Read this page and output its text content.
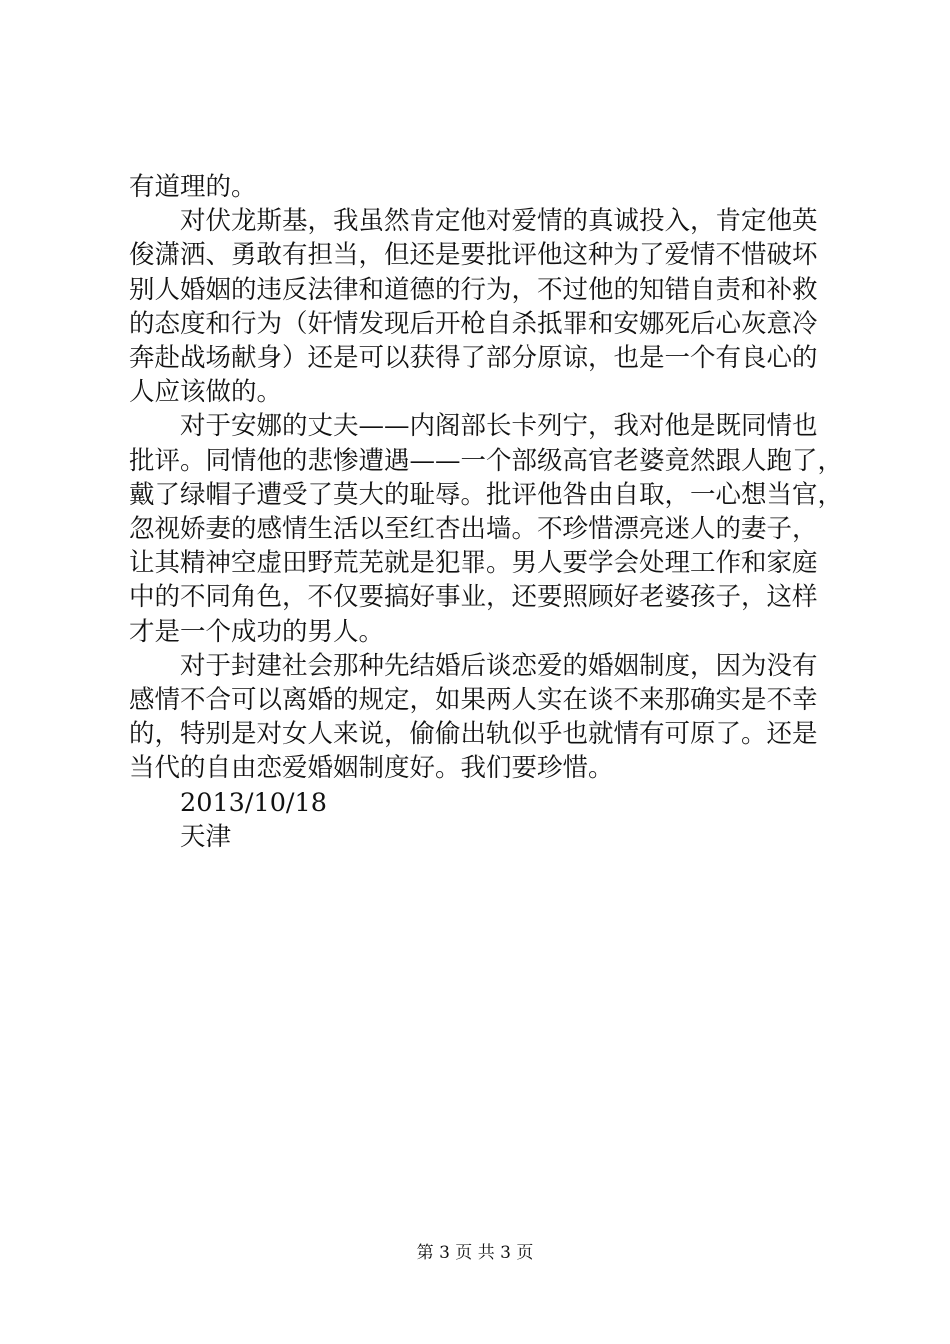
有道理的。
对伏龙斯基，我虽然肯定他对爱情的真诚投入，肯定他英
俊潇洒、勇敢有担当，但还是要批评他这种为了爱情不惜破坏
别人婚姻的违反法律和道德的行为，不过他的知错自责和补救
的态度和行为（奸情发现后开枪自杀抵罪和安娜死后心灰意冷
奔赴战场献身）还是可以获得了部分原谅，也是一个有良心的
人应该做的。
对于安娜的丈夫——内阁部长卡列宁，我对他是既同情也
批评。同情他的悲惨遭遇——一个部级高官老婆竟然跟人跑了，
戴了绿帽子遭受了莫大的耻辱。批评他咎由自取，一心想当官，
忽视娇妻的感情生活以至红杏出墙。不珍惜漂亮迷人的妻子，
让其精神空虚田野荒芜就是犯罪。男人要学会处理工作和家庭
中的不同角色，不仅要搞好事业，还要照顾好老婆孩子，这样
才是一个成功的男人。
对于封建社会那种先结婚后谈恋爱的婚姻制度，因为没有
感情不合可以离婚的规定，如果两人实在谈不来那确实是不幸
的，特别是对女人来说，偷偷出轨似乎也就情有可原了。还是
当代的自由恋爱婚姻制度好。我们要珍惜。
2013/10/18
天津
第 3 页 共 3 页
